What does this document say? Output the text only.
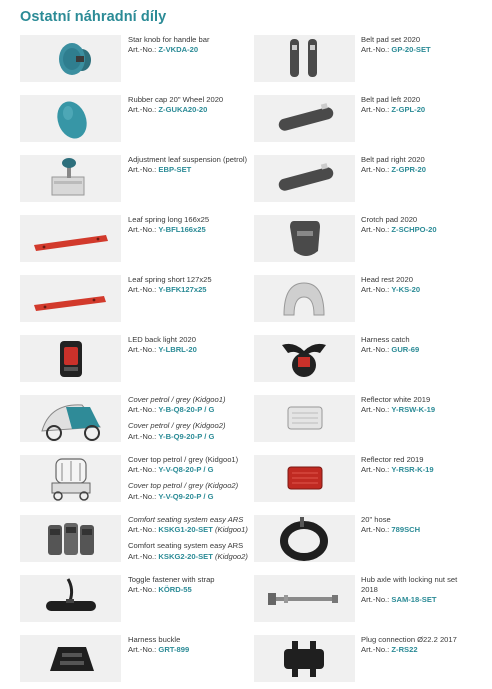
Ostatní náhradní díly
Star knob for handle bar
Art.-No.: Z-VKDA-20
Rubber cap 20" Wheel 2020
Art.-No.: Z-GUKA20-20
Adjustment leaf suspension (petrol)
Art.-No.: EBP-SET
Leaf spring long 166x25
Art.-No.: Y-BFL166x25
Leaf spring short 127x25
Art.-No.: Y-BFK127x25
LED back light 2020
Art.-No.: Y-LBRL-20
Cover petrol / grey (Kidgoo1)
Art.-No.: Y-B-Q8-20-P / G
Cover petrol / grey (Kidgoo2)
Art.-No.: Y-B-Q9-20-P / G
Cover top petrol / grey (Kidgoo1)
Art.-No.: Y-V-Q8-20-P / G
Cover top petrol / grey (Kidgoo2)
Art.-No.: Y-V-Q9-20-P / G
Comfort seating system easy ARS
Art.-No.: KSKG1-20-SET (Kidgoo1)
Comfort seating system easy ARS
Art.-No.: KSKG2-20-SET (Kidgoo2)
Toggle fastener with strap
Art.-No.: KÖRD-55
Harness buckle
Art.-No.: GRT-899
Belt pad set 2020
Art.-No.: GP-20-SET
Belt pad left 2020
Art.-No.: Z-GPL-20
Belt pad right 2020
Art.-No.: Z-GPR-20
Crotch pad 2020
Art.-No.: Z-SCHPO-20
Head rest 2020
Art.-No.: Y-KS-20
Harness catch
Art.-No.: GUR-69
Reflector white 2019
Art.-No.: Y-RSW-K-19
Reflector red 2019
Art.-No.: Y-RSR-K-19
20" hose
Art.-No.: 789SCH
Hub axle with locking nut set 2018
Art.-No.: SAM-18-SET
Plug connection Ø22.2 2017
Art.-No.: Z-RS22
